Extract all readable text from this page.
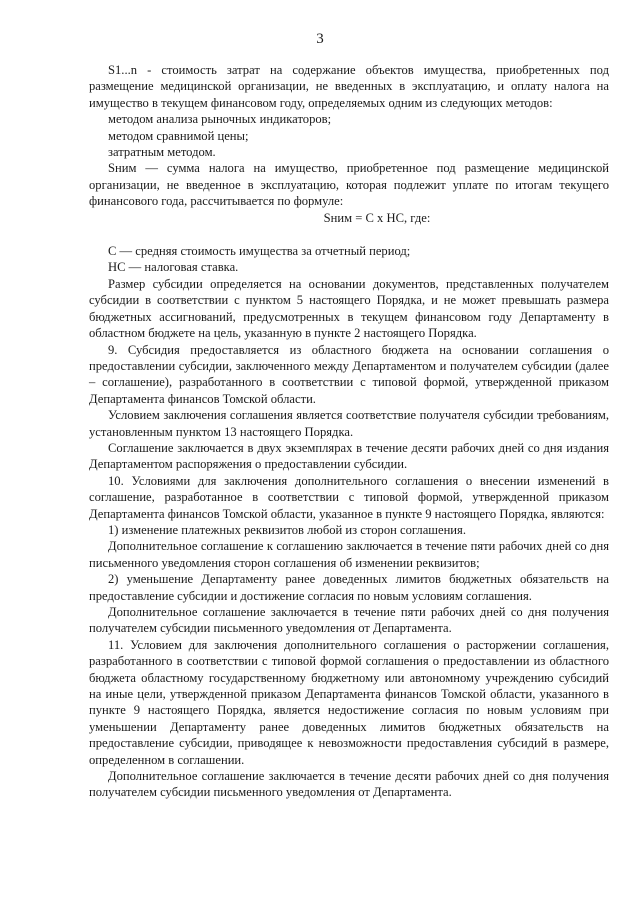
3

S1...n - стоимость затрат на содержание объектов имущества, приобретенных под размещение медицинской организации, не введенных в эксплуатацию, и оплату налога на имущество в текущем финансовом году, определяемых одним из следующих методов:

методом анализа рыночных индикаторов;

методом сравнимой цены;

затратным методом.

Sним — сумма налога на имущество, приобретенное под размещение медицинской организации, не введенное в эксплуатацию, которая подлежит уплате по итогам текущего финансового года, рассчитывается по формуле:

Sним = C x НС, где:

C — средняя стоимость имущества за отчетный период;

НС — налоговая ставка.

Размер субсидии определяется на основании документов, представленных получателем субсидии в соответствии с пунктом 5 настоящего Порядка, и не может превышать размера бюджетных ассигнований, предусмотренных в текущем финансовом году Департаменту в областном бюджете на цель, указанную в пункте 2 настоящего Порядка.

9. Субсидия предоставляется из областного бюджета на основании соглашения о предоставлении субсидии, заключенного между Департаментом и получателем субсидии (далее – соглашение), разработанного в соответствии с типовой формой, утвержденной приказом Департамента финансов Томской области.

Условием заключения соглашения является соответствие получателя субсидии требованиям, установленным пунктом 13 настоящего Порядка.

Соглашение заключается в двух экземплярах в течение десяти рабочих дней со дня издания Департаментом распоряжения о предоставлении субсидии.

10. Условиями для заключения дополнительного соглашения о внесении изменений в соглашение, разработанное в соответствии с типовой формой, утвержденной приказом Департамента финансов Томской области, указанное в пункте 9 настоящего Порядка, являются:

1) изменение платежных реквизитов любой из сторон соглашения.

Дополнительное соглашение к соглашению заключается в течение пяти рабочих дней со дня письменного уведомления сторон соглашения об изменении реквизитов;

2) уменьшение Департаменту ранее доведенных лимитов бюджетных обязательств на предоставление субсидии и достижение согласия по новым условиям соглашения.

Дополнительное соглашение заключается в течение пяти рабочих дней со дня получения получателем субсидии письменного уведомления от Департамента.

11. Условием для заключения дополнительного соглашения о расторжении соглашения, разработанного в соответствии с типовой формой соглашения о предоставлении из областного бюджета областному государственному бюджетному или автономному учреждению субсидий на иные цели, утвержденной приказом Департамента финансов Томской области, указанного в пункте 9 настоящего Порядка, является недостижение согласия по новым условиям при уменьшении Департаменту ранее доведенных лимитов бюджетных обязательств на предоставление субсидии, приводящее к невозможности предоставления субсидий в размере, определенном в соглашении.

Дополнительное соглашение заключается в течение десяти рабочих дней со дня получения получателем субсидии письменного уведомления от Департамента.
